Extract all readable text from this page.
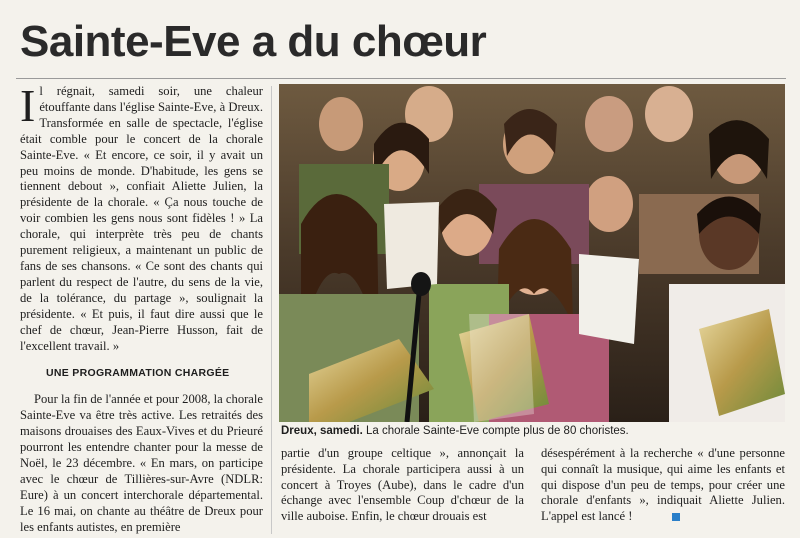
Sainte-Eve a du chœur

Il régnait, samedi soir, une chaleur étouffante dans l'église Sainte-Eve, à Dreux. Transformée en salle de spectacle, l'église était comble pour le concert de la chorale Sainte-Eve. « Et encore, ce soir, il y avait un peu moins de monde. D'habitude, les gens se tiennent debout », confiait Aliette Julien, la présidente de la chorale. « Ça nous touche de voir combien les gens nous sont fidèles ! » La chorale, qui interprète très peu de chants purement religieux, a maintenant un public de fans de ses chansons. « Ce sont des chants qui parlent du respect de l'autre, du sens de la vie, de la tolérance, du partage », soulignait la présidente. « Et puis, il faut dire aussi que le chef de chœur, Jean-Pierre Husson, fait de l'excellent travail. »

UNE PROGRAMMATION CHARGÉE

Pour la fin de l'année et pour 2008, la chorale Sainte-Eve va être très active. Les retraités des maisons drouaises des Eaux-Vives et du Prieuré pourront les entendre chanter pour la messe de Noël, le 23 décembre. « En mars, on participe avec le chœur de Tillières-sur-Avre (NDLR: Eure) à un concert interchorale départemental. Le 16 mai, on chante au théâtre de Dreux pour les enfants autistes, en première

Dreux, samedi. La chorale Sainte-Eve compte plus de 80 choristes.

partie d'un groupe celtique », annonçait la présidente. La chorale participera aussi à un concert à Troyes (Aube), dans le cadre d'un échange avec l'ensemble Coup d'chœur de la ville auboise. Enfin, le chœur drouais est

désespérément à la recherche « d'une personne qui connaît la musique, qui aime les enfants et qui dispose d'un peu de temps, pour créer une chorale d'enfants », indiquait Aliette Julien. L'appel est lancé !
